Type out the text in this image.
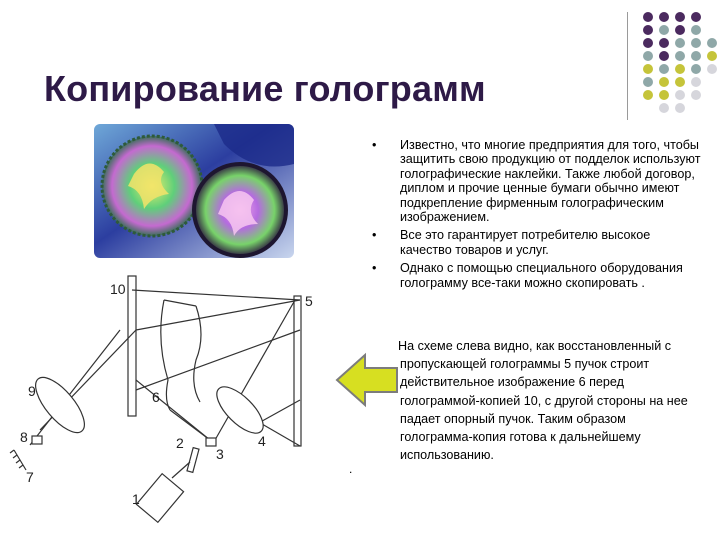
Копирование голограмм
• Известно, что многие предприятия для того, чтобы защитить свою продукцию от подделок используют голографические наклейки. Также любой договор, диплом и прочие ценные бумаги обычно имеют подкрепление фирменным голографическим изображением.
• Все это гарантирует потребителю высокое качество товаров и услуг.
• Однако с помощью специального оборудования голограмму все-таки можно скопировать .
На схеме слева видно, как восстановленный с пропускающей голограммы 5 пучок строит действительное изображение 6 перед голограммой-копией 10, с другой стороны на нее падает опорный пучок. Таким образом голограмма-копия готова к дальнейшему использованию.
.
10
5
9	6
8	2
3
4
7
1
